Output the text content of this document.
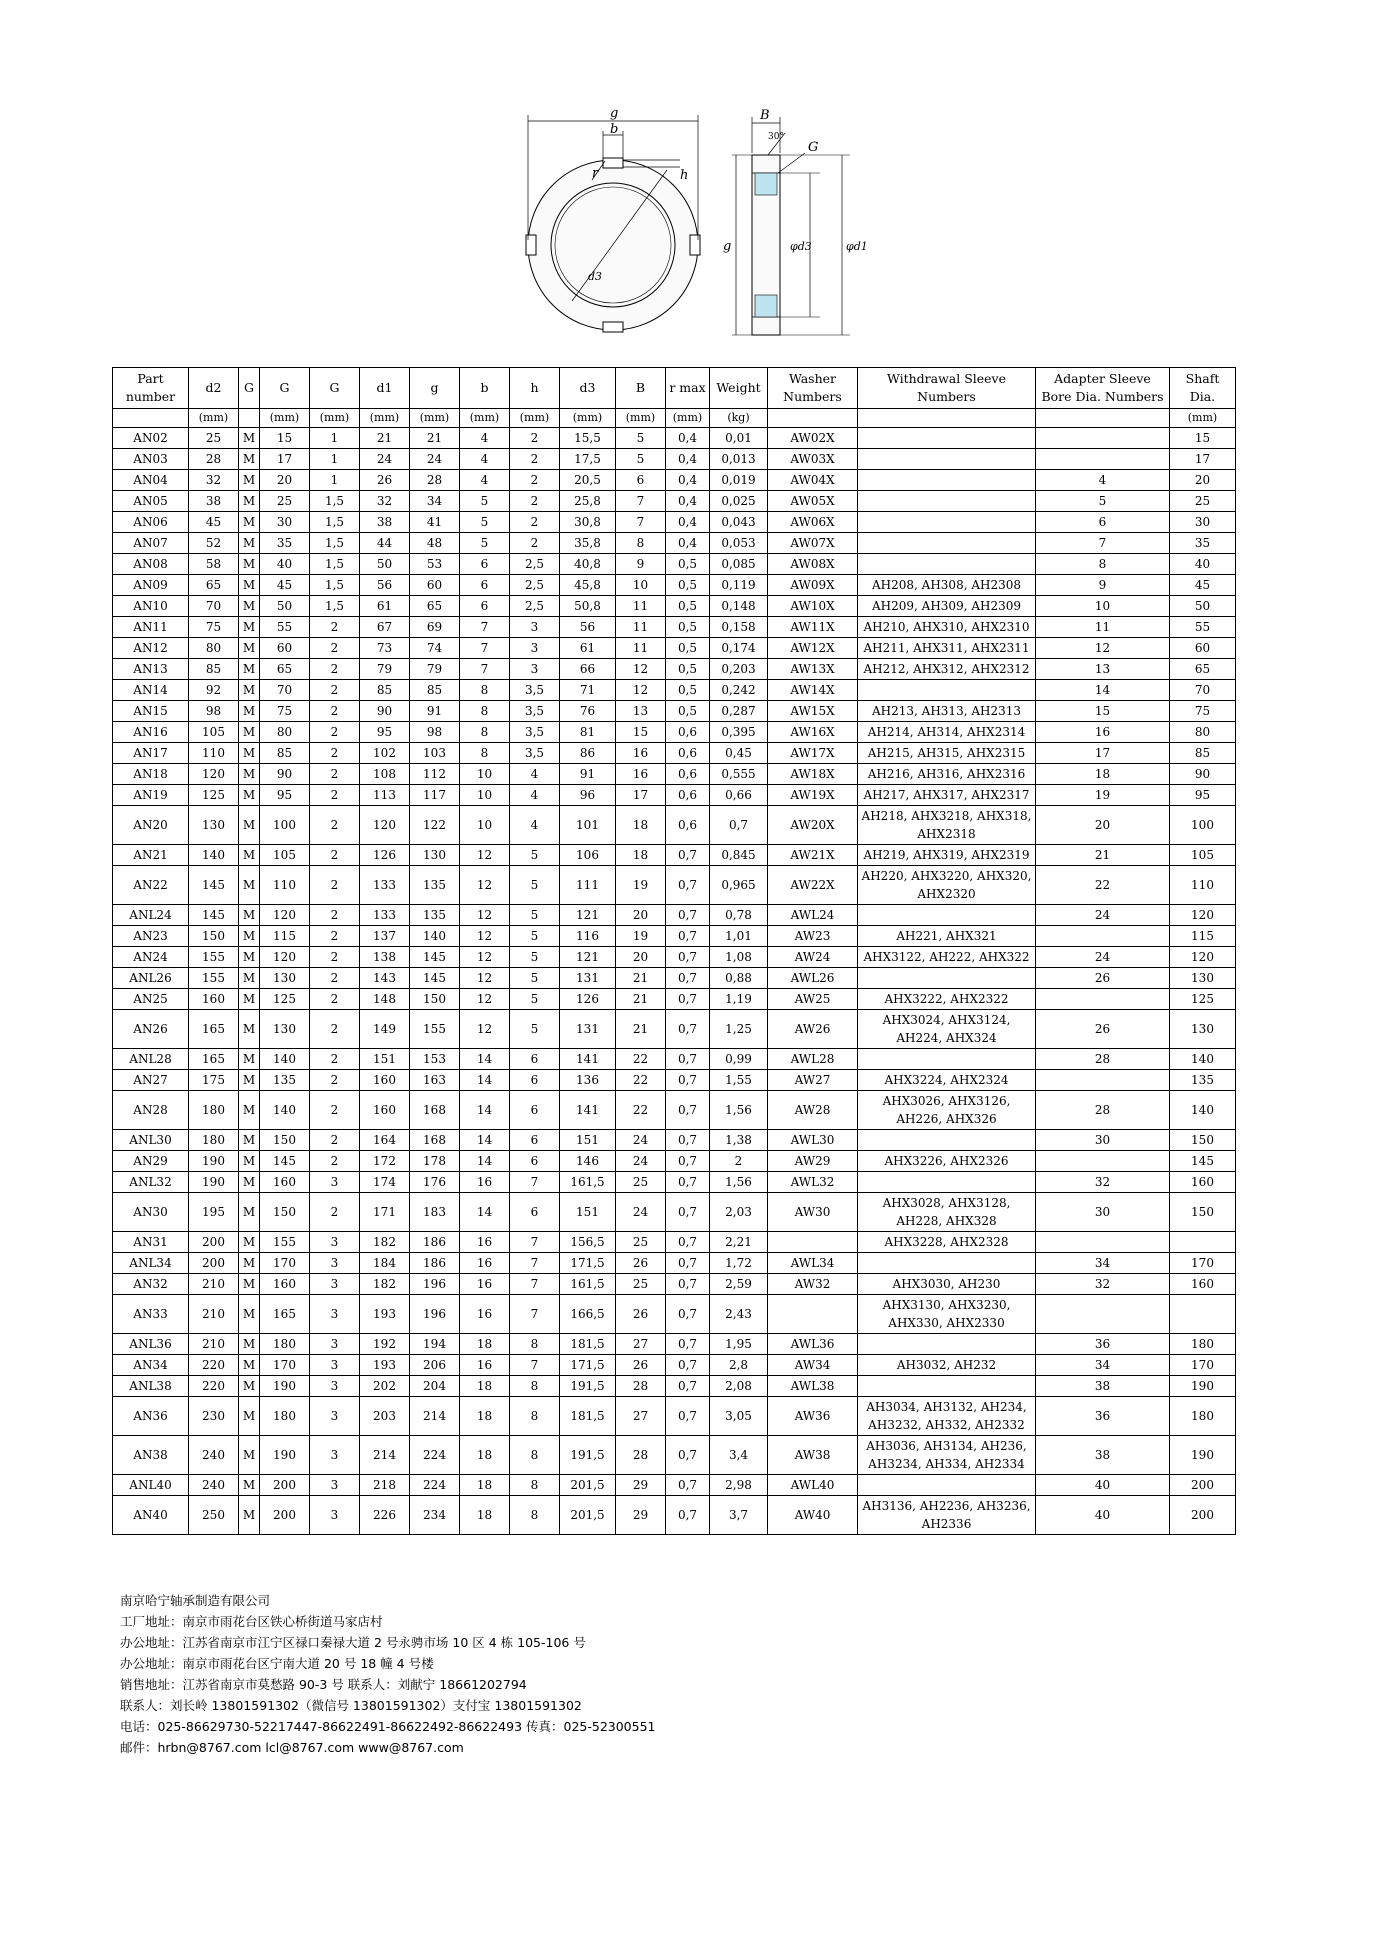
g
b
h
r
d3
B
30°
G
g	φd3	φd1
Part number	d2	G	G	G	d1	g	b	h	d3	B	r max	Weight	Washer Numbers	Withdrawal Sleeve Numbers	Adapter Sleeve Bore Dia. Numbers	Shaft Dia.
	(mm)		(mm)	(mm)	(mm)	(mm)	(mm)	(mm)	(mm)	(mm)	(mm)	(kg)				(mm)
AN02	25	M	15	1	21	21	4	2	15,5	5	0,4	0,01	AW02X			15
AN03	28	M	17	1	24	24	4	2	17,5	5	0,4	0,013	AW03X			17
AN04	32	M	20	1	26	28	4	2	20,5	6	0,4	0,019	AW04X		4	20
AN05	38	M	25	1,5	32	34	5	2	25,8	7	0,4	0,025	AW05X		5	25
AN06	45	M	30	1,5	38	41	5	2	30,8	7	0,4	0,043	AW06X		6	30
AN07	52	M	35	1,5	44	48	5	2	35,8	8	0,4	0,053	AW07X		7	35
AN08	58	M	40	1,5	50	53	6	2,5	40,8	9	0,5	0,085	AW08X		8	40
AN09	65	M	45	1,5	56	60	6	2,5	45,8	10	0,5	0,119	AW09X	AH208, AH308, AH2308	9	45
AN10	70	M	50	1,5	61	65	6	2,5	50,8	11	0,5	0,148	AW10X	AH209, AH309, AH2309	10	50
AN11	75	M	55	2	67	69	7	3	56	11	0,5	0,158	AW11X	AH210, AHX310, AHX2310	11	55
AN12	80	M	60	2	73	74	7	3	61	11	0,5	0,174	AW12X	AH211, AHX311, AHX2311	12	60
AN13	85	M	65	2	79	79	7	3	66	12	0,5	0,203	AW13X	AH212, AHX312, AHX2312	13	65
AN14	92	M	70	2	85	85	8	3,5	71	12	0,5	0,242	AW14X		14	70
AN15	98	M	75	2	90	91	8	3,5	76	13	0,5	0,287	AW15X	AH213, AH313, AH2313	15	75
AN16	105	M	80	2	95	98	8	3,5	81	15	0,6	0,395	AW16X	AH214, AH314, AHX2314	16	80
AN17	110	M	85	2	102	103	8	3,5	86	16	0,6	0,45	AW17X	AH215, AH315, AHX2315	17	85
AN18	120	M	90	2	108	112	10	4	91	16	0,6	0,555	AW18X	AH216, AH316, AHX2316	18	90
AN19	125	M	95	2	113	117	10	4	96	17	0,6	0,66	AW19X	AH217, AHX317, AHX2317	19	95
AN20	130	M	100	2	120	122	10	4	101	18	0,6	0,7	AW20X	AH218, AHX3218, AHX318, AHX2318	20	100
AN21	140	M	105	2	126	130	12	5	106	18	0,7	0,845	AW21X	AH219, AHX319, AHX2319	21	105
AN22	145	M	110	2	133	135	12	5	111	19	0,7	0,965	AW22X	AH220, AHX3220, AHX320, AHX2320	22	110
ANL24	145	M	120	2	133	135	12	5	121	20	0,7	0,78	AWL24		24	120
AN23	150	M	115	2	137	140	12	5	116	19	0,7	1,01	AW23	AH221, AHX321		115
AN24	155	M	120	2	138	145	12	5	121	20	0,7	1,08	AW24	AHX3122, AH222, AHX322	24	120
ANL26	155	M	130	2	143	145	12	5	131	21	0,7	0,88	AWL26		26	130
AN25	160	M	125	2	148	150	12	5	126	21	0,7	1,19	AW25	AHX3222, AHX2322		125
AN26	165	M	130	2	149	155	12	5	131	21	0,7	1,25	AW26	AHX3024, AHX3124, AH224, AHX324	26	130
ANL28	165	M	140	2	151	153	14	6	141	22	0,7	0,99	AWL28		28	140
AN27	175	M	135	2	160	163	14	6	136	22	0,7	1,55	AW27	AHX3224, AHX2324		135
AN28	180	M	140	2	160	168	14	6	141	22	0,7	1,56	AW28	AHX3026, AHX3126, AH226, AHX326	28	140
ANL30	180	M	150	2	164	168	14	6	151	24	0,7	1,38	AWL30		30	150
AN29	190	M	145	2	172	178	14	6	146	24	0,7	2	AW29	AHX3226, AHX2326		145
ANL32	190	M	160	3	174	176	16	7	161,5	25	0,7	1,56	AWL32		32	160
AN30	195	M	150	2	171	183	14	6	151	24	0,7	2,03	AW30	AHX3028, AHX3128, AH228, AHX328	30	150
AN31	200	M	155	3	182	186	16	7	156,5	25	0,7	2,21		AHX3228, AHX2328		
ANL34	200	M	170	3	184	186	16	7	171,5	26	0,7	1,72	AWL34		34	170
AN32	210	M	160	3	182	196	16	7	161,5	25	0,7	2,59	AW32	AHX3030, AH230	32	160
AN33	210	M	165	3	193	196	16	7	166,5	26	0,7	2,43		AHX3130, AHX3230, AHX330, AHX2330		
ANL36	210	M	180	3	192	194	18	8	181,5	27	0,7	1,95	AWL36		36	180
AN34	220	M	170	3	193	206	16	7	171,5	26	0,7	2,8	AW34	AH3032, AH232	34	170
ANL38	220	M	190	3	202	204	18	8	191,5	28	0,7	2,08	AWL38		38	190
AN36	230	M	180	3	203	214	18	8	181,5	27	0,7	3,05	AW36	AH3034, AH3132, AH234, AH3232, AH332, AH2332	36	180
AN38	240	M	190	3	214	224	18	8	191,5	28	0,7	3,4	AW38	AH3036, AH3134, AH236, AH3234, AH334, AH2334	38	190
ANL40	240	M	200	3	218	224	18	8	201,5	29	0,7	2,98	AWL40		40	200
AN40	250	M	200	3	226	234	18	8	201,5	29	0,7	3,7	AW40	AH3136, AH2236, AH3236, AH2336	40	200
南京哈宁轴承制造有限公司
工厂地址：南京市雨花台区铁心桥街道马家店村
办公地址：江苏省南京市江宁区禄口秦禄大道 2 号永骋市场 10 区 4 栋 105-106 号
办公地址：南京市雨花台区宁南大道 20 号 18 幢 4 号楼
销售地址：江苏省南京市莫愁路 90-3 号 联系人：刘献宁 18661202794
联系人：刘长岭 13801591302（微信号 13801591302）支付宝 13801591302
电话：025-86629730-52217447-86622491-86622492-86622493 传真：025-52300551
邮件：hrbn@8767.com lcl@8767.com www@8767.com
